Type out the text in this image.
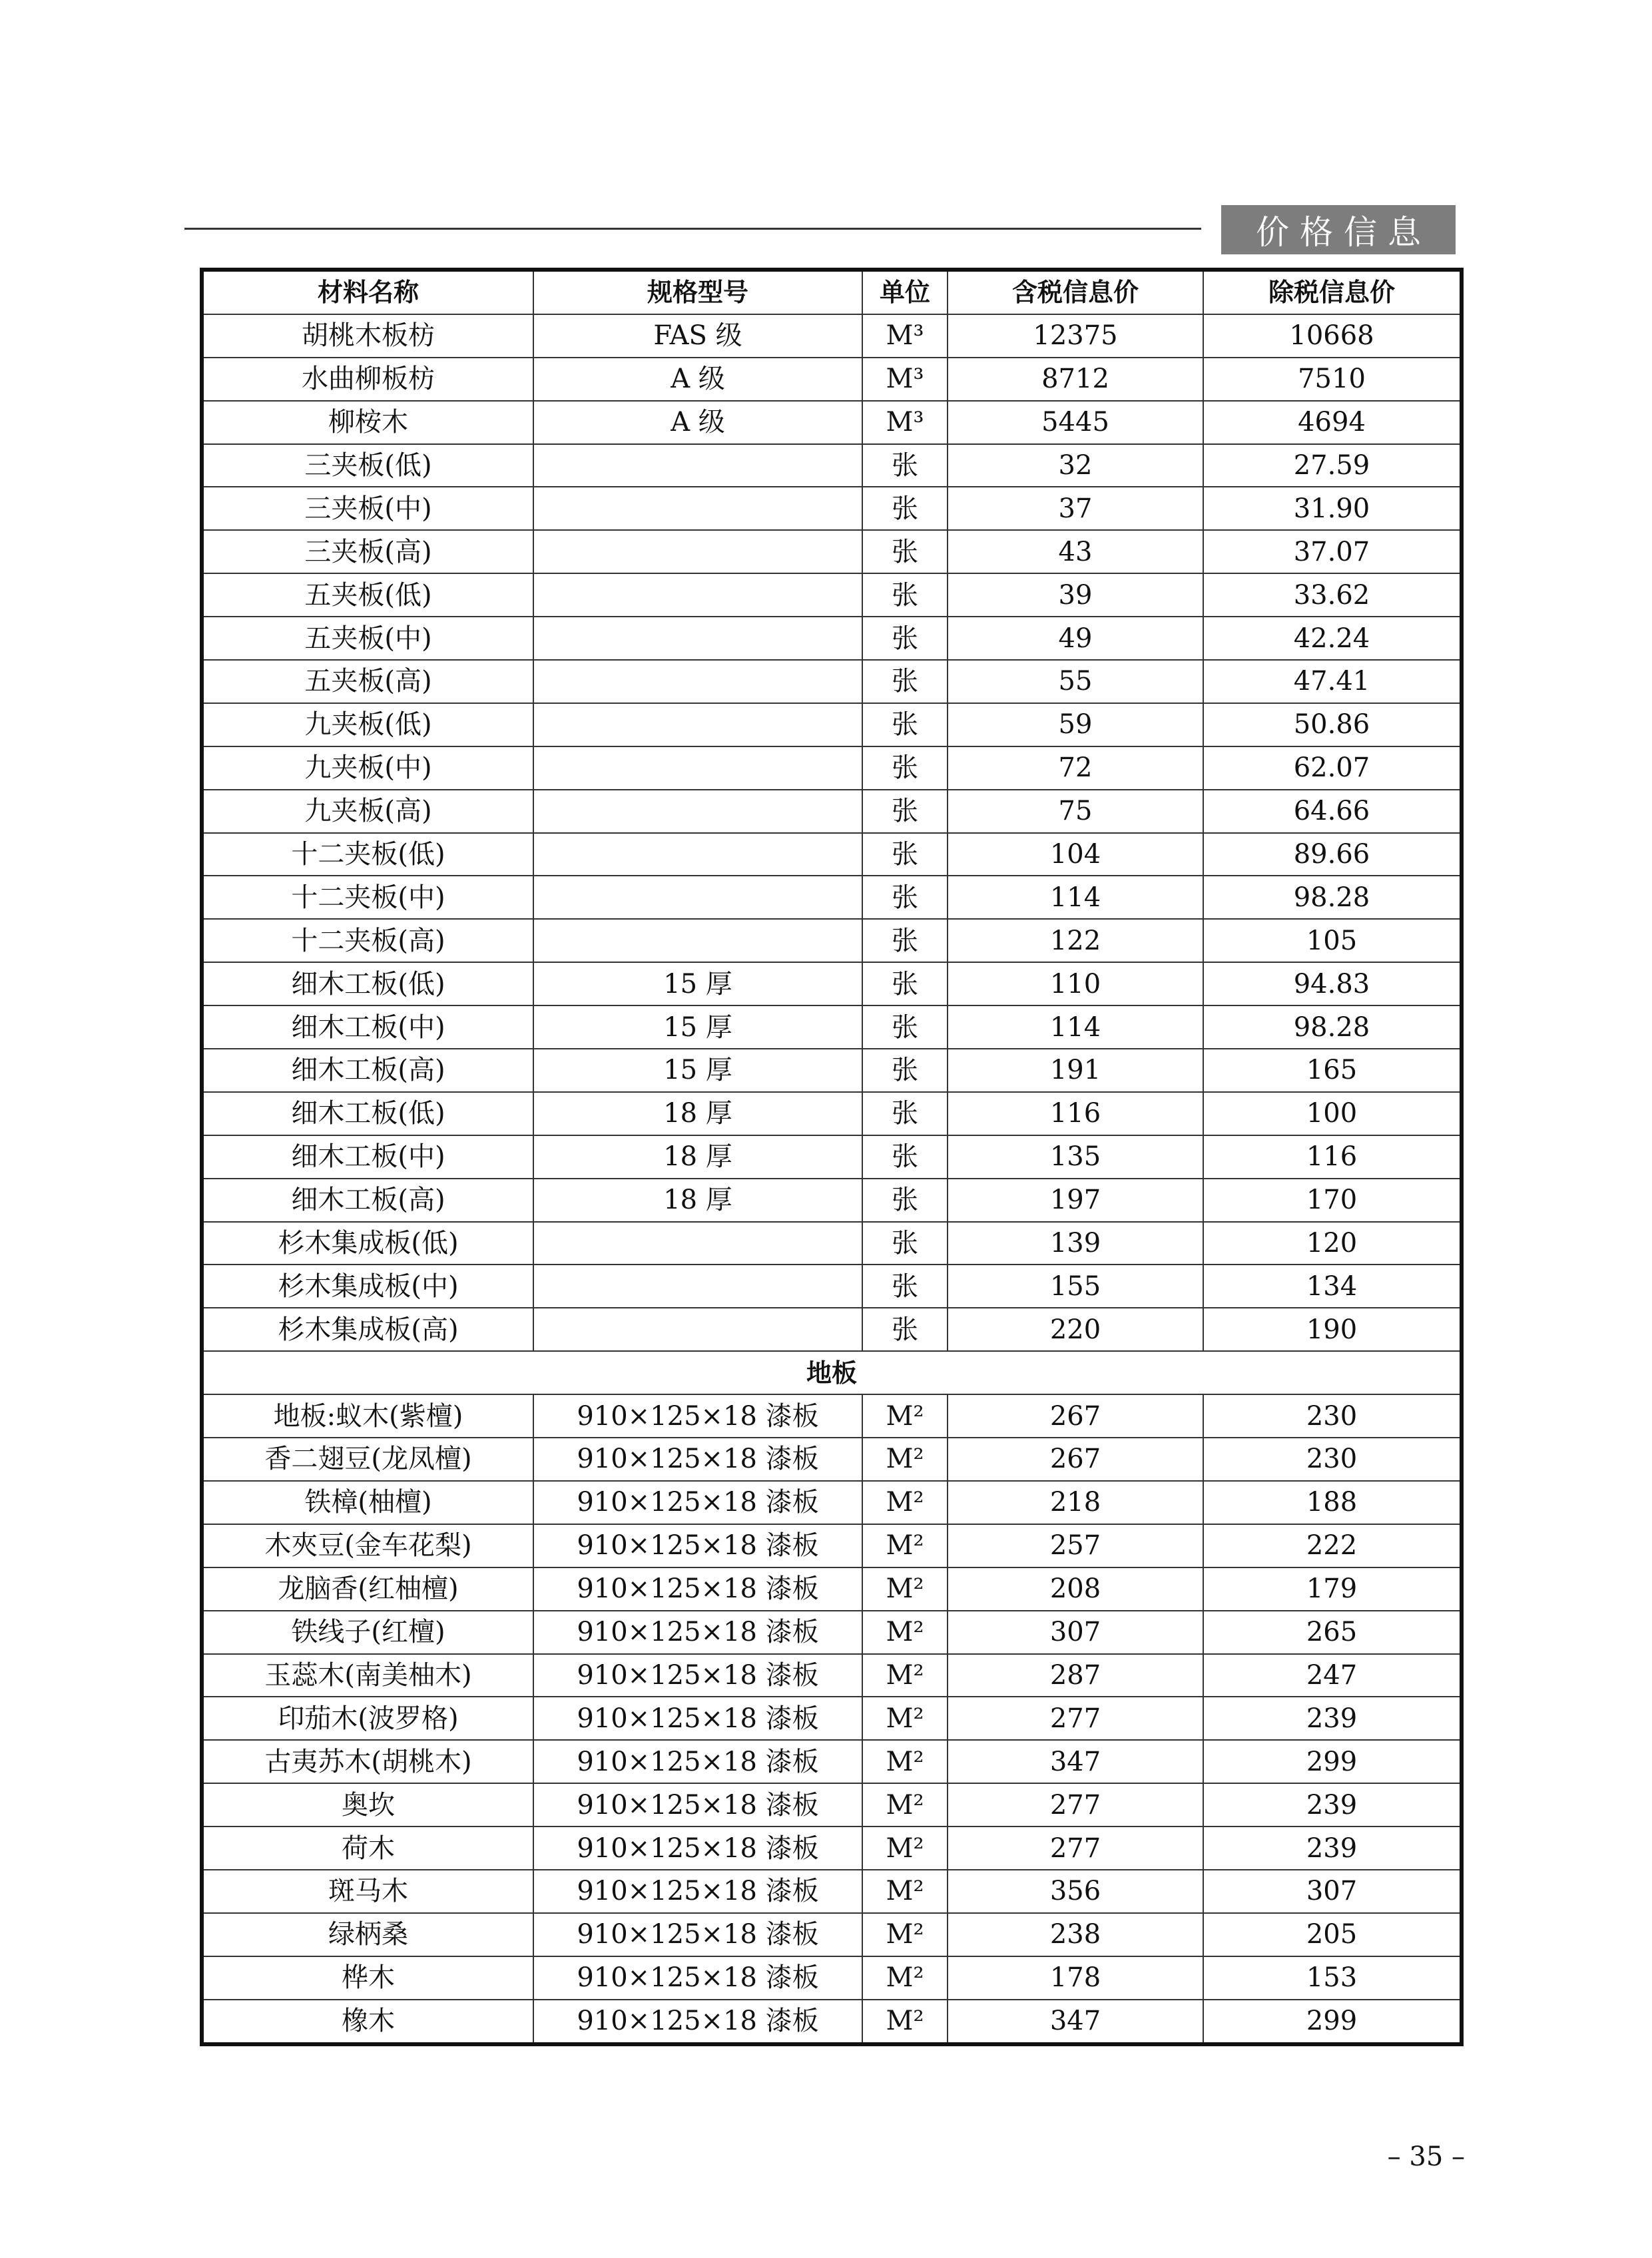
价格信息
材料名称	规格型号	单位	含税信息价	除税信息价
胡桃木板枋	FAS 级	M³	12375	10668
水曲柳板枋	A 级	M³	8712	7510
柳桉木	A 级	M³	5445	4694
三夹板(低)		张	32	27.59
三夹板(中)		张	37	31.90
三夹板(高)		张	43	37.07
五夹板(低)		张	39	33.62
五夹板(中)		张	49	42.24
五夹板(高)		张	55	47.41
九夹板(低)		张	59	50.86
九夹板(中)		张	72	62.07
九夹板(高)		张	75	64.66
十二夹板(低)		张	104	89.66
十二夹板(中)		张	114	98.28
十二夹板(高)		张	122	105
细木工板(低)	15 厚	张	110	94.83
细木工板(中)	15 厚	张	114	98.28
细木工板(高)	15 厚	张	191	165
细木工板(低)	18 厚	张	116	100
细木工板(中)	18 厚	张	135	116
细木工板(高)	18 厚	张	197	170
杉木集成板(低)		张	139	120
杉木集成板(中)		张	155	134
杉木集成板(高)		张	220	190
地板				
地板:蚁木(紫檀)	910×125×18 漆板	M²	267	230
香二翅豆(龙凤檀)	910×125×18 漆板	M²	267	230
铁樟(柚檀)	910×125×18 漆板	M²	218	188
木夾豆(金车花梨)	910×125×18 漆板	M²	257	222
龙脑香(红柚檀)	910×125×18 漆板	M²	208	179
铁线子(红檀)	910×125×18 漆板	M²	307	265
玉蕊木(南美柚木)	910×125×18 漆板	M²	287	247
印茄木(波罗格)	910×125×18 漆板	M²	277	239
古夷苏木(胡桃木)	910×125×18 漆板	M²	347	299
奥坎	910×125×18 漆板	M²	277	239
荷木	910×125×18 漆板	M²	277	239
斑马木	910×125×18 漆板	M²	356	307
绿柄桑	910×125×18 漆板	M²	238	205
桦木	910×125×18 漆板	M²	178	153
橡木	910×125×18 漆板	M²	347	299
– 35 –
